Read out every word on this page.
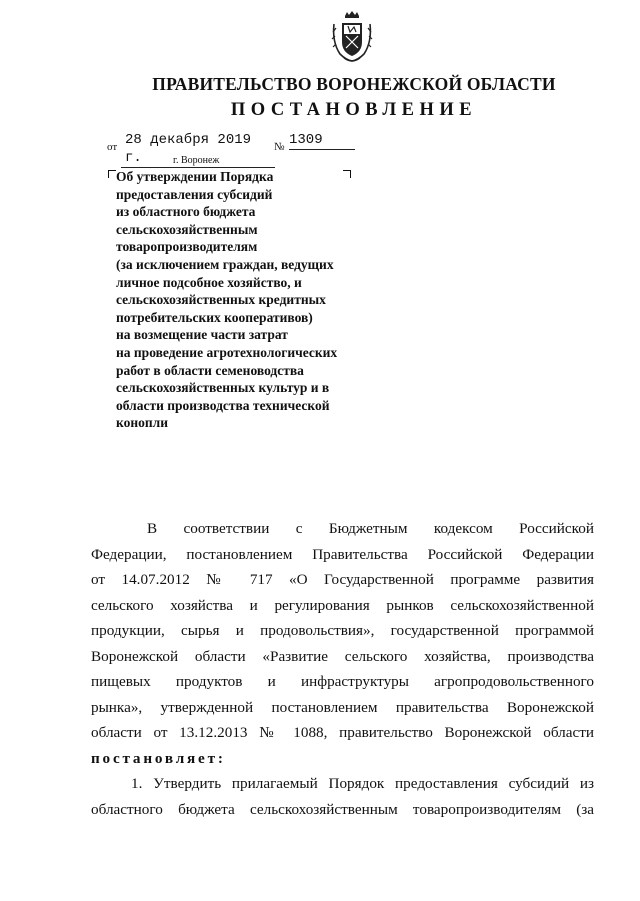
ПРАВИТЕЛЬСТВО ВОРОНЕЖСКОЙ ОБЛАСТИ
ПОСТАНОВЛЕНИЕ
от 28 декабря 2019 г.
№ 1309
г. Воронеж
Об утверждении Порядка
предоставления субсидий
из областного бюджета
сельскохозяйственным
товаропроизводителям
(за исключением граждан, ведущих
личное подсобное хозяйство, и
сельскохозяйственных кредитных
потребительских кооперативов)
на возмещение части затрат
на проведение агротехнологических
работ в области семеноводства
сельскохозяйственных культур и в
области производства технической
конопли
В соответствии с Бюджетным кодексом Российской
Федерации, постановлением Правительства Российской Федерации
от 14.07.2012 № 717 «О Государственной программе развития
сельского хозяйства и регулирования рынков сельскохозяйственной
продукции, сырья и продовольствия», государственной программой
Воронежской области «Развитие сельского хозяйства, производства
пищевых продуктов и инфраструктуры агропродовольственного
рынка», утвержденной постановлением правительства Воронежской
области от 13.12.2013 № 1088, правительство Воронежской области
постановляет:
1. Утвердить прилагаемый Порядок предоставления субсидий из
областного бюджета сельскохозяйственным товаропроизводителям (за
